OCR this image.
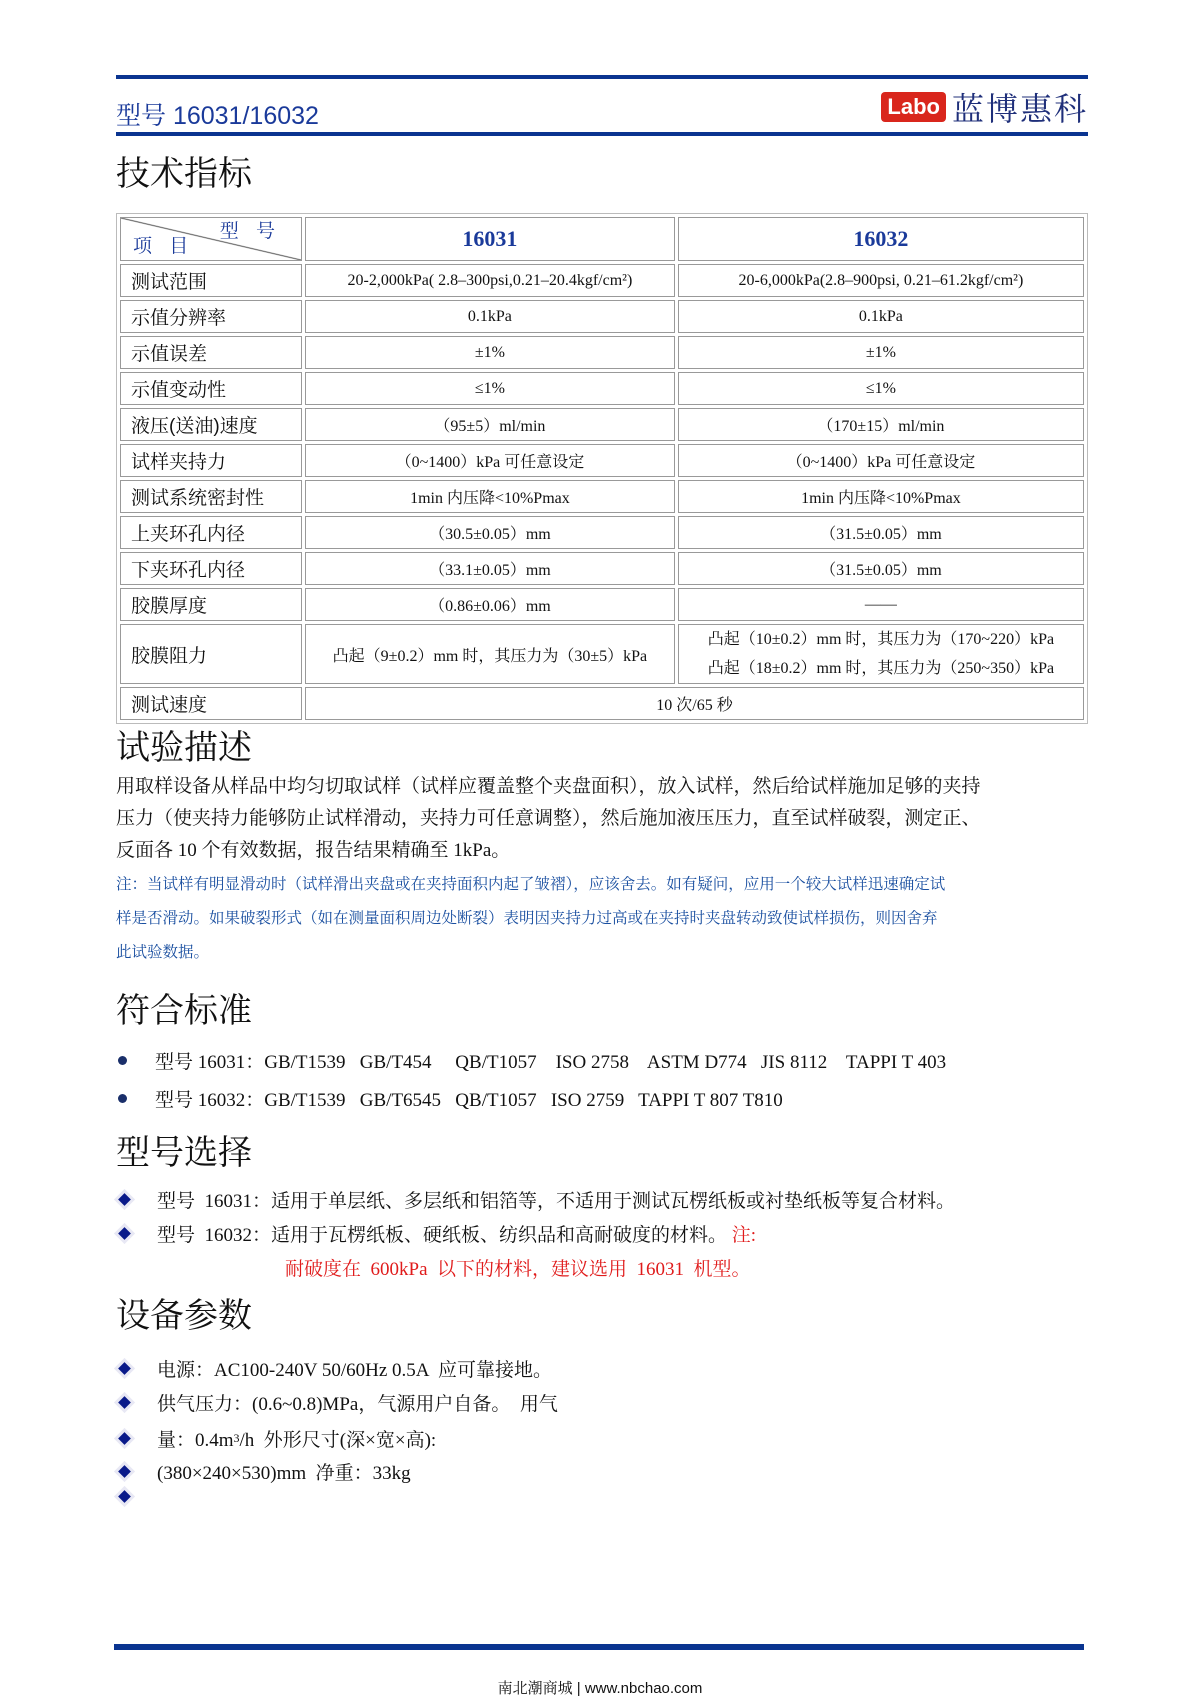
型号 16031/16032	Labo 蓝博惠科
技术指标
型 号
项 目	16031	16032
测试范围	20-2,000kPa( 2.8–300psi,0.21–20.4kgf/cm²)	20-6,000kPa(2.8–900psi, 0.21–61.2kgf/cm²)
示值分辨率	0.1kPa	0.1kPa
示值误差	±1%	±1%
示值变动性	≤1%	≤1%
液压(送油)速度	（95±5）ml/min	（170±15）ml/min
试样夹持力	（0~1400）kPa 可任意设定	（0~1400）kPa 可任意设定
测试系统密封性	1min 内压降<10%Pmax	1min 内压降<10%Pmax
上夹环孔内径	（30.5±0.05）mm	（31.5±0.05）mm
下夹环孔内径	（33.1±0.05）mm	（31.5±0.05）mm
胶膜厚度	（0.86±0.06）mm	——
胶膜阻力	凸起（9±0.2）mm 时，其压力为（30±5）kPa	凸起（10±0.2）mm 时，其压力为（170~220）kPa
凸起（18±0.2）mm 时，其压力为（250~350）kPa

测试速度	10 次/65 秒	
试验描述
用取样设备从样品中均匀切取试样（试样应覆盖整个夹盘面积），放入试样，然后给试样施加足够的夹持
压力（使夹持力能够防止试样滑动，夹持力可任意调整），然后施加液压压力，直至试样破裂，测定正、
反面各 10 个有效数据，报告结果精确至 1kPa。
注：当试样有明显滑动时（试样滑出夹盘或在夹持面积内起了皱褶），应该舍去。如有疑问，应用一个较大试样迅速确定试
样是否滑动。如果破裂形式（如在测量面积周边处断裂）表明因夹持力过高或在夹持时夹盘转动致使试样损伤，则因舍弃
此试验数据。
符合标准
型号 16031：GB/T1539   GB/T454     QB/T1057    ISO 2758    ASTM D774   JIS 8112    TAPPI T 403
型号 16032：GB/T1539   GB/T6545   QB/T1057   ISO 2759   TAPPI T 807 T810
型号选择
型号  16031：适用于单层纸、多层纸和铝箔等，不适用于测试瓦楞纸板或衬垫纸板等复合材料。
型号  16032：适用于瓦楞纸板、硬纸板、纺织品和高耐破度的材料。 注:
耐破度在  600kPa  以下的材料，建议选用  16031  机型。
设备参数
电源：AC100-240V 50/60Hz 0.5A  应可靠接地。
供气压力：(0.6~0.8)MPa，气源用户自备。  用气
量：0.4m 3 /h  外形尺寸(深×宽×高):
(380×240×530)mm  净重：33kg
南北潮商城 | www.nbchao.com
